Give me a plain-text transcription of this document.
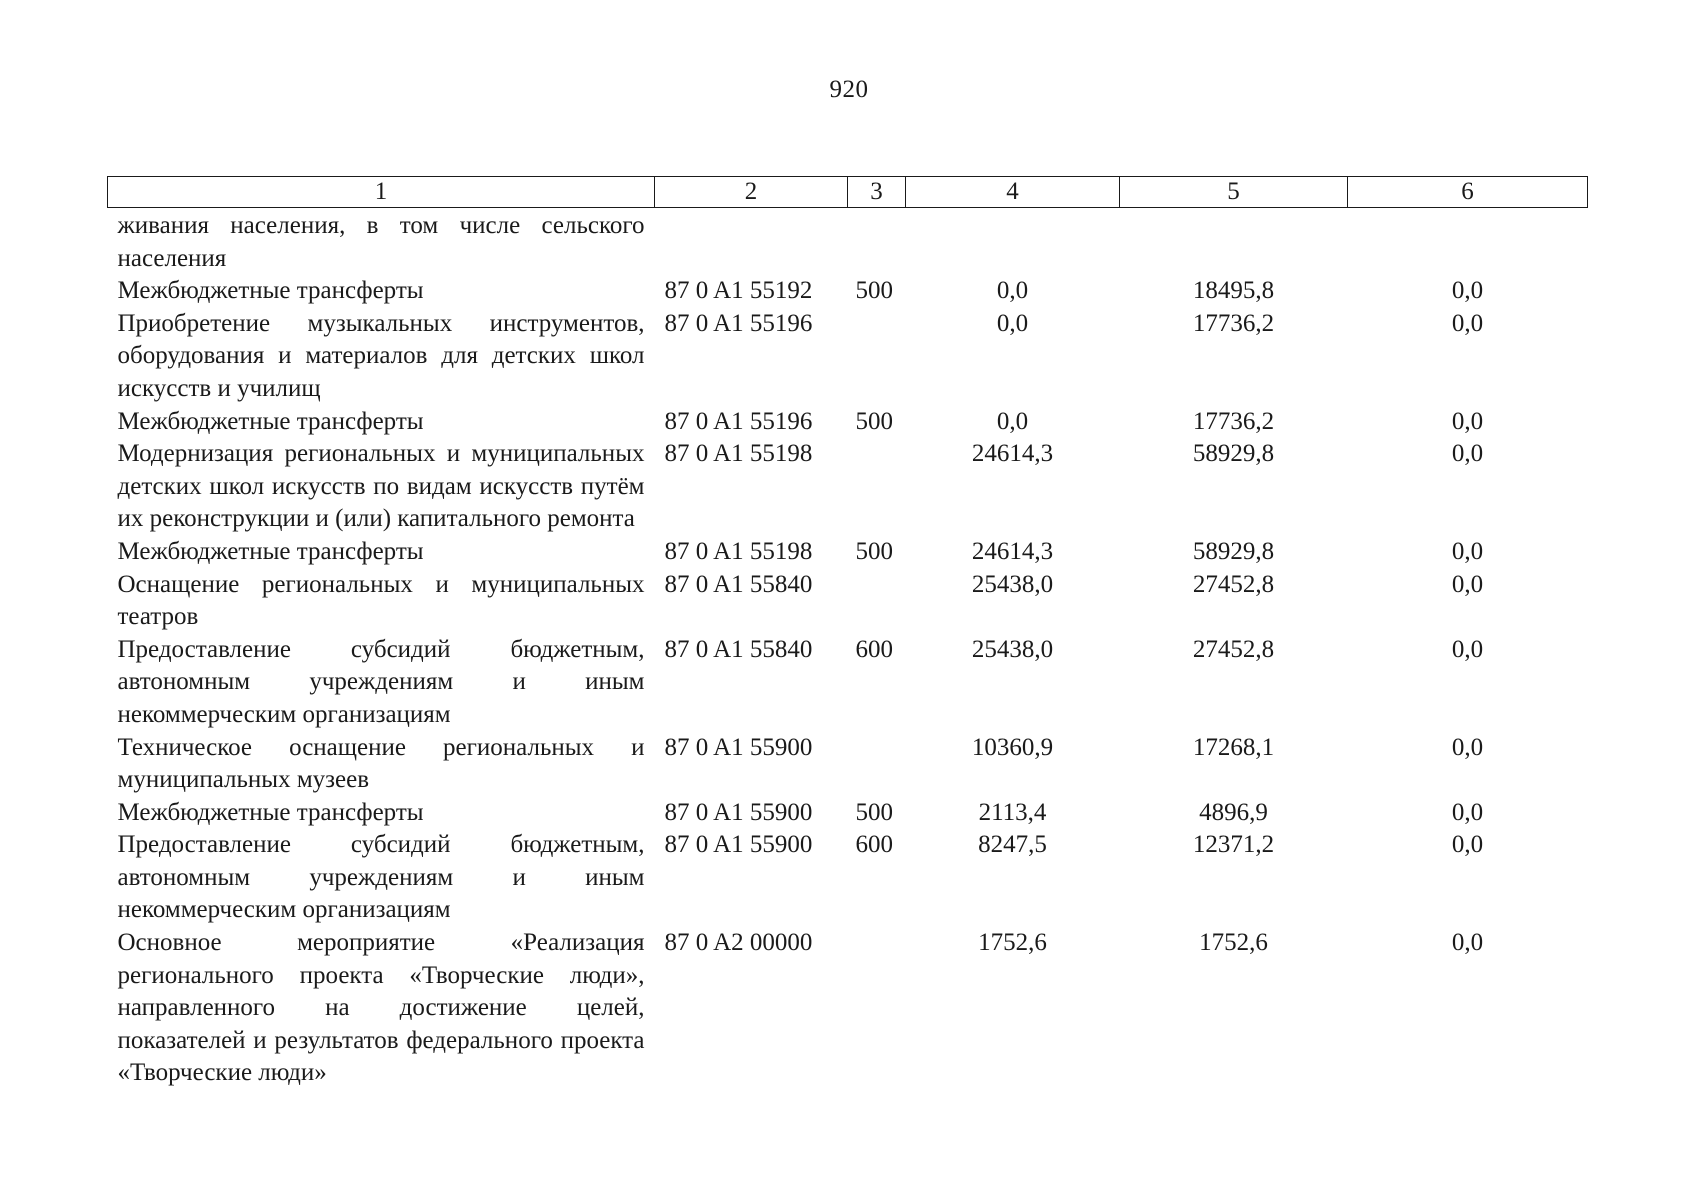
920
1	2	3	4	5	6
живания населения, в том числе сельского населения					
Межбюджетные трансферты	87 0 A1 55192	500	0,0	18495,8	0,0
Приобретение музыкальных инструментов, оборудования и материалов для детских школ искусств и училищ	87 0 A1 55196		0,0	17736,2	0,0
Межбюджетные трансферты	87 0 A1 55196	500	0,0	17736,2	0,0
Модернизация региональных и муниципальных детских школ искусств по видам искусств путём их реконструкции и (или) капитального ремонта	87 0 A1 55198		24614,3	58929,8	0,0
Межбюджетные трансферты	87 0 A1 55198	500	24614,3	58929,8	0,0
Оснащение региональных и муниципальных театров	87 0 A1 55840		25438,0	27452,8	0,0
Предоставление субсидий бюджетным, автономным учреждениям и иным некоммерческим организациям	87 0 A1 55840	600	25438,0	27452,8	0,0
Техническое оснащение региональных и муниципальных музеев	87 0 A1 55900		10360,9	17268,1	0,0
Межбюджетные трансферты	87 0 A1 55900	500	2113,4	4896,9	0,0
Предоставление субсидий бюджетным, автономным учреждениям и иным некоммерческим организациям	87 0 A1 55900	600	8247,5	12371,2	0,0
Основное мероприятие «Реализация регионального проекта «Творческие люди», направленного на достижение целей, показателей и результатов федерального проекта «Творческие люди»	87 0 A2 00000		1752,6	1752,6	0,0
